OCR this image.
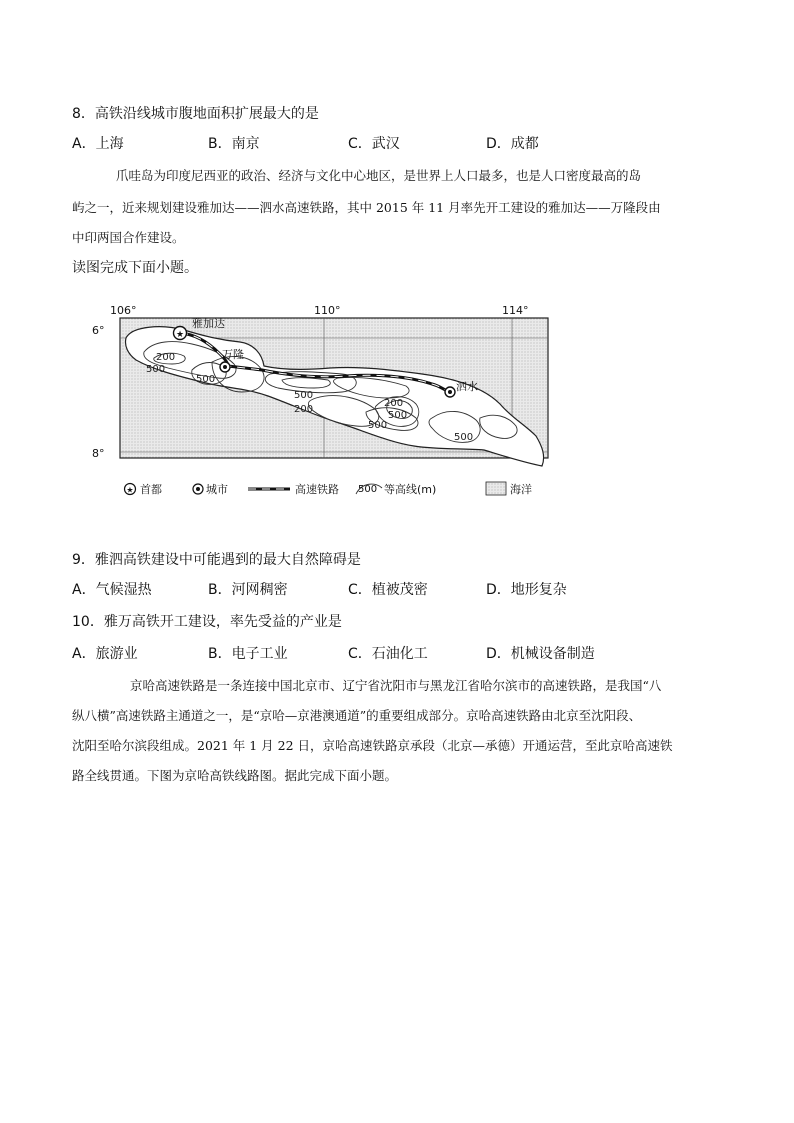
8．高铁沿线城市腹地面积扩展最大的是
A．上海	B．南京	C．武汉	D．成都
爪哇岛为印度尼西亚的政治、经济与文化中心地区，是世界上人口最多，也是人口密度最高的岛
屿之一，近来规划建设雅加达——泗水高速铁路，其中 2015 年 11 月率先开工建设的雅加达——万隆段由
中印两国合作建设。
读图完成下面小题。
200
500
500
500
200
200
500
500
500
★
雅加达
万隆
泗水
106°	110°	114°
6°
8°
★ 首都	城市	高速铁路 500 等高线(m)	海洋
9．雅泗高铁建设中可能遇到的最大自然障碍是
A．气候湿热	B．河网稠密	C．植被茂密	D．地形复杂
10．雅万高铁开工建设，率先受益的产业是
A．旅游业	B．电子工业	C．石油化工	D．机械设备制造
京哈高速铁路是一条连接中国北京市、辽宁省沈阳市与黑龙江省哈尔滨市的高速铁路，是我国“八
纵八横”高速铁路主通道之一，是“京哈—京港澳通道”的重要组成部分。京哈高速铁路由北京至沈阳段、
沈阳至哈尔滨段组成。2021 年 1 月 22 日，京哈高速铁路京承段（北京—承德）开通运营，至此京哈高速铁
路全线贯通。下图为京哈高铁线路图。据此完成下面小题。
